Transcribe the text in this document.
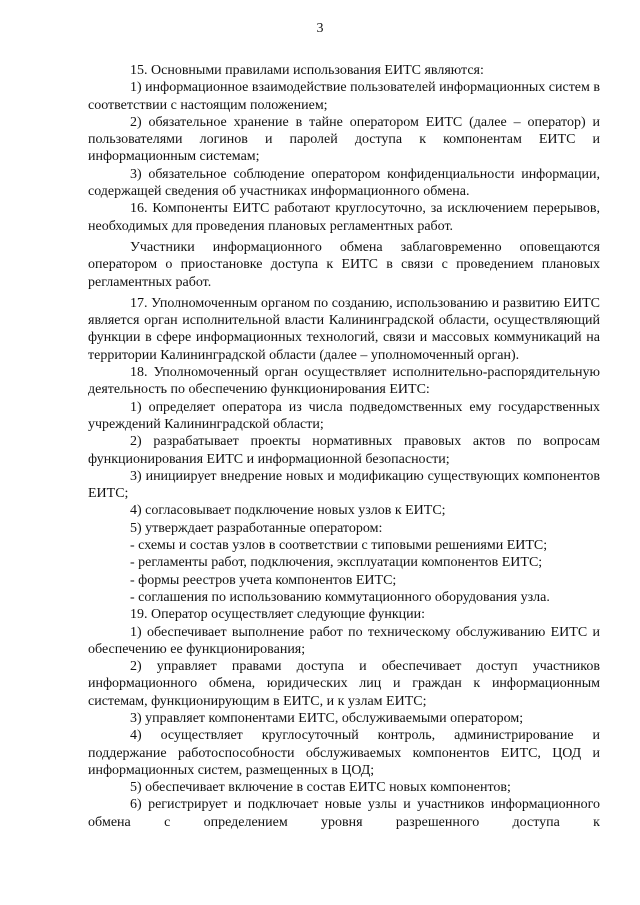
3

15. Основными правилами использования ЕИТС являются:

1) информационное взаимодействие пользователей информационных систем в соответствии с настоящим положением;

2) обязательное хранение в тайне оператором ЕИТС (далее – оператор) и пользователями логинов и паролей доступа к компонентам ЕИТС и информационным системам;

3) обязательное соблюдение оператором конфиденциальности информации, содержащей сведения об участниках информационного обмена.

16. Компоненты ЕИТС работают круглосуточно, за исключением перерывов, необходимых для проведения плановых регламентных работ.

Участники информационного обмена заблаговременно оповещаются оператором о приостановке доступа к ЕИТС в связи с проведением плановых регламентных работ.

17. Уполномоченным органом по созданию, использованию и развитию ЕИТС является орган исполнительной власти Калининградской области, осуществляющий функции в сфере информационных технологий, связи и массовых коммуникаций на территории Калининградской области (далее – уполномоченный орган).

18. Уполномоченный орган осуществляет исполнительно-распорядительную деятельность по обеспечению функционирования ЕИТС:

1) определяет оператора из числа подведомственных ему государственных учреждений Калининградской области;

2) разрабатывает проекты нормативных правовых актов по вопросам функционирования ЕИТС и информационной безопасности;

3) инициирует внедрение новых и модификацию существующих компонентов ЕИТС;

4) согласовывает подключение новых узлов к ЕИТС;

5) утверждает разработанные оператором:

- схемы и состав узлов в соответствии с типовыми решениями ЕИТС;

- регламенты работ, подключения, эксплуатации компонентов ЕИТС;

- формы реестров учета компонентов ЕИТС;

- соглашения по использованию коммутационного оборудования узла.

19. Оператор осуществляет следующие функции:

1) обеспечивает выполнение работ по техническому обслуживанию ЕИТС и обеспечению ее функционирования;

2) управляет правами доступа и обеспечивает доступ участников информационного обмена, юридических лиц и граждан к информационным системам, функционирующим в ЕИТС, и к узлам ЕИТС;

3) управляет компонентами ЕИТС, обслуживаемыми оператором;

4) осуществляет круглосуточный контроль, администрирование и поддержание работоспособности обслуживаемых компонентов ЕИТС, ЦОД и информационных систем, размещенных в ЦОД;

5) обеспечивает включение в состав ЕИТС новых компонентов;

6) регистрирует и подключает новые узлы и участников информационного обмена с определением уровня разрешенного доступа к
